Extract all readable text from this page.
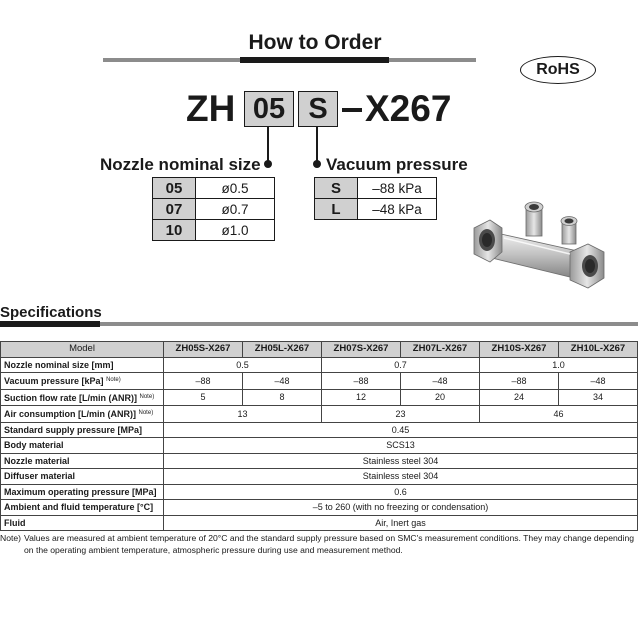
How to Order
RoHS
ZH 05 S X267
Nozzle nominal size	Vacuum pressure
05	ø0.5
07	ø0.7
10	ø1.0
S	–88 kPa
L	–48 kPa
Specifications
Model	ZH05S-X267	ZH05L-X267	ZH07S-X267	ZH07L-X267	ZH10S-X267	ZH10L-X267
Nozzle nominal size [mm]	0.5		0.7		1.0	
Vacuum pressure [kPa] $^{Note)}$	–88	–48	–88	–48	–88	–48
Suction flow rate [L/min (ANR)] $^{Note)}$	5	8	12	20	24	34
Air consumption [L/min (ANR)] $^{Note)}$	13		23		46	
Standard supply pressure [MPa]	0.45					
Body material	SCS13					
Nozzle material	Stainless steel 304					
Diffuser material	Stainless steel 304					
Maximum operating pressure [MPa]	0.6					
Ambient and fluid temperature [°C]	–5 to 260 (with no freezing or condensation)					
Fluid	Air, Inert gas					
Note) Values are measured at ambient temperature of 20°C and the standard supply pressure based on SMC's measurement conditions. They may change depending on the operating ambient temperature, atmospheric pressure during use and measurement method.
